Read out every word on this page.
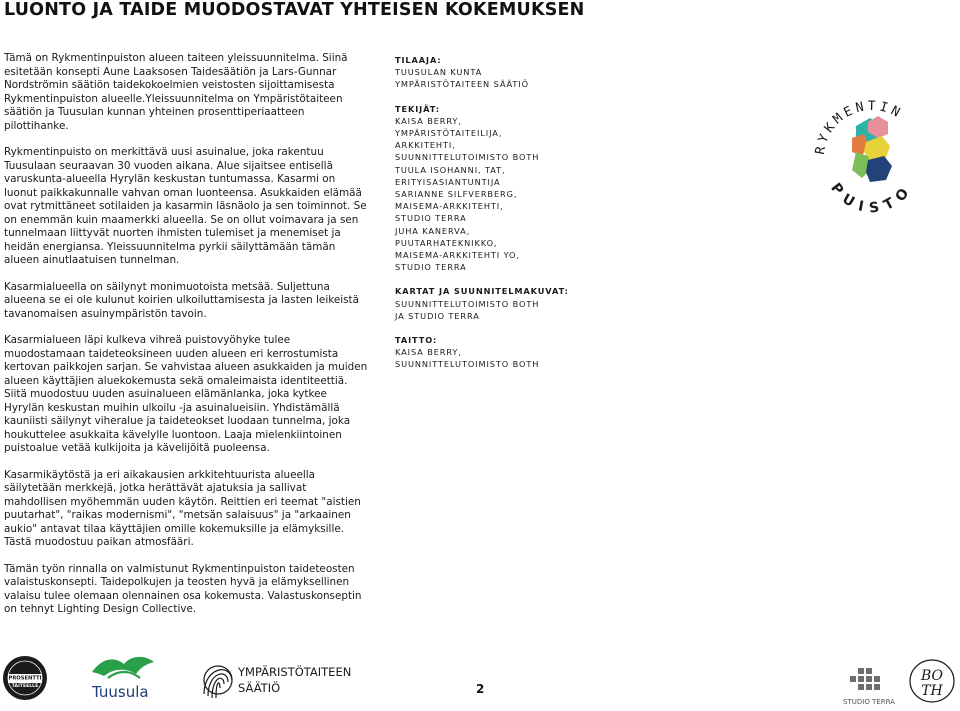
LUONTO JA TAIDE MUODOSTAVAT YHTEISEN KOKEMUKSEN

Tämä on Rykmentinpuiston alueen taiteen yleissuunnitelma. Siinä esitetään konsepti Aune Laaksosen Taidesäätiön ja Lars-Gunnar Nordströmin säätiön taidekokoelmien veistosten sijoittamisesta Rykmentinpuiston alueelle.Yleissuunnitelma on Ympäristötaiteen säätiön ja Tuusulan kunnan yhteinen prosenttiperiaatteen pilottihanke.

Rykmentinpuisto on merkittävä uusi asuinalue, joka rakentuu Tuusulaan seuraavan 30 vuoden aikana. Alue sijaitsee entisellä varuskunta-alueella Hyrylän keskustan tuntumassa. Kasarmi on luonut paikkakunnalle vahvan oman luonteensa. Asukkaiden elämää ovat rytmittäneet sotilaiden ja kasarmin läsnäolo ja sen toiminnot. Se on enemmän kuin maamerkki alueella. Se on ollut voimavara ja sen tunnelmaan liittyvät nuorten ihmisten tulemiset ja menemiset ja heidän energiansa. Yleissuunnitelma pyrkii säilyttämään tämän alueen ainutlaatuisen tunnelman.

Kasarmialueella on säilynyt monimuotoista metsää. Suljettuna alueena se ei ole kulunut koirien ulkoiluttamisesta ja lasten leikeistä tavanomaisen asuinympäristön tavoin.

Kasarmialueen läpi kulkeva vihreä puistovyöhyke tulee muodostamaan taideteoksineen uuden alueen eri kerrostumista kertovan paikkojen sarjan. Se vahvistaa alueen asukkaiden ja muiden alueen käyttäjien aluekokemusta sekä omaleimaista identiteettiä. Siitä muodostuu uuden asuinalueen elämänlanka, joka kytkee Hyrylän keskustan muihin ulkoilu -ja asuinalueisiin. Yhdistämällä kauniisti säilynyt viheralue ja taideteokset luodaan tunnelma, joka houkuttelee asukkaita kävelylle luontoon. Laaja mielenkiintoinen puistoalue vetää kulkijoita ja kävelijöitä puoleensa.

Kasarmikäytöstä ja eri aikakausien arkkitehtuurista alueella säilytetään merkkejä, jotka herättävät ajatuksia ja sallivat mahdollisen myöhemmän uuden käytön. Reittien eri teemat "aistien puutarhat", "raikas modernismi", "metsän salaisuus" ja "arkaainen aukio" antavat tilaa käyttäjien omille kokemuksille ja elämyksille. Tästä muodostuu paikan atmosfääri.

Tämän työn rinnalla on valmistunut Rykmentinpuiston taideteosten valaistuskonsepti. Taidepolkujen ja teosten hyvä ja elämyksellinen valaisu tulee olemaan olennainen osa kokemusta. Valastuskonseptin on tehnyt Lighting Design Collective.

TILAAJA:
TUUSULAN KUNTA
YMPÄRISTÖTAITEEN SÄÄTIÖ
TEKIJÄT:
KAISA BERRY,
YMPÄRISTÖTAITEILIJA,
ARKKITEHTI,
SUUNNITTELUTOIMISTO BOTH
TUULA ISOHANNI, TAT,
ERITYISASIANTUNTIJA
SARIANNE SILFVERBERG,
MAISEMA-ARKKITEHTI,
STUDIO TERRA
JUHA KANERVA,
PUUTARHATEKNIKKO,
MAISEMA-ARKKITEHTI YO,
STUDIO TERRA
KARTAT JA SUUNNITELMAKUVAT:
SUUNNITTELUTOIMISTO BOTH
JA STUDIO TERRA
TAITTO:
KAISA BERRY,
SUUNNITTELUTOIMISTO BOTH
RYKMENTIN
PUISTO
PROSENTTI
TAITEELLE	Tuusula
YMPÄRISTÖTAITEEN
SÄÄTIÖ
STUDIO TERRA
BO
TH
2
